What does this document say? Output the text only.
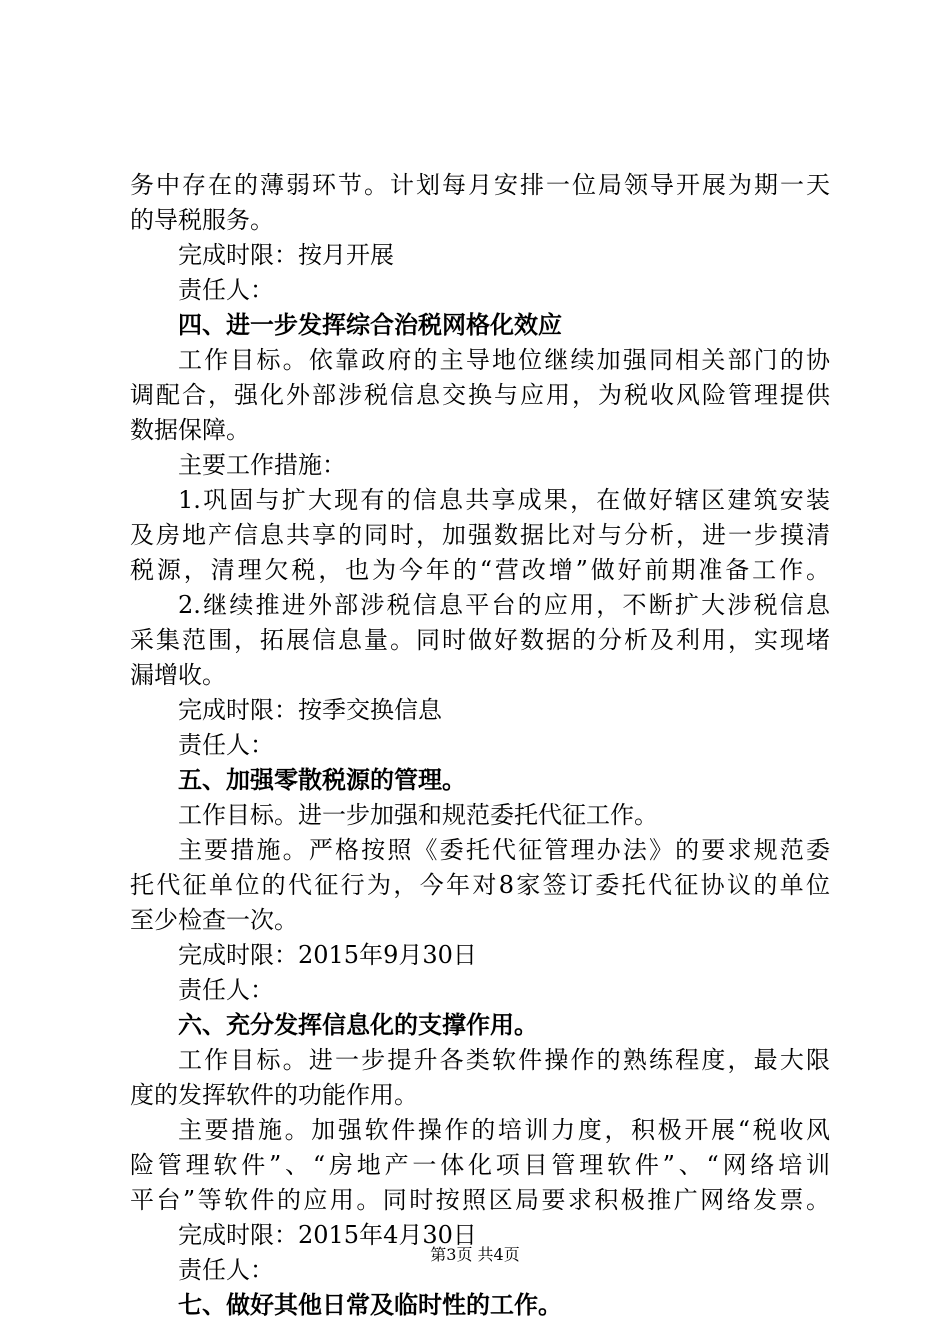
务中存在的薄弱环节。计划每月安排一位局领导开展为期一天
的导税服务。
完成时限：按月开展
责任人：
四、进一步发挥综合治税网格化效应
工作目标。依靠政府的主导地位继续加强同相关部门的协
调配合，强化外部涉税信息交换与应用，为税收风险管理提供
数据保障。
主要工作措施：
1.巩固与扩大现有的信息共享成果，在做好辖区建筑安装
及房地产信息共享的同时，加强数据比对与分析，进一步摸清
税源，清理欠税，也为今年的“营改增”做好前期准备工作。
2.继续推进外部涉税信息平台的应用，不断扩大涉税信息
采集范围，拓展信息量。同时做好数据的分析及利用，实现堵
漏增收。
完成时限：按季交换信息
责任人：
五、加强零散税源的管理。
工作目标。进一步加强和规范委托代征工作。
主要措施。严格按照《委托代征管理办法》的要求规范委
托代征单位的代征行为，今年对8家签订委托代征协议的单位
至少检查一次。
完成时限：2015年9月30日
责任人：
六、充分发挥信息化的支撑作用。
工作目标。进一步提升各类软件操作的熟练程度，最大限
度的发挥软件的功能作用。
主要措施。加强软件操作的培训力度，积极开展“税收风
险管理软件”、“房地产一体化项目管理软件”、“网络培训
平台”等软件的应用。同时按照区局要求积极推广网络发票。
完成时限：2015年4月30日
责任人：
七、做好其他日常及临时性的工作。
第3页 共4页
